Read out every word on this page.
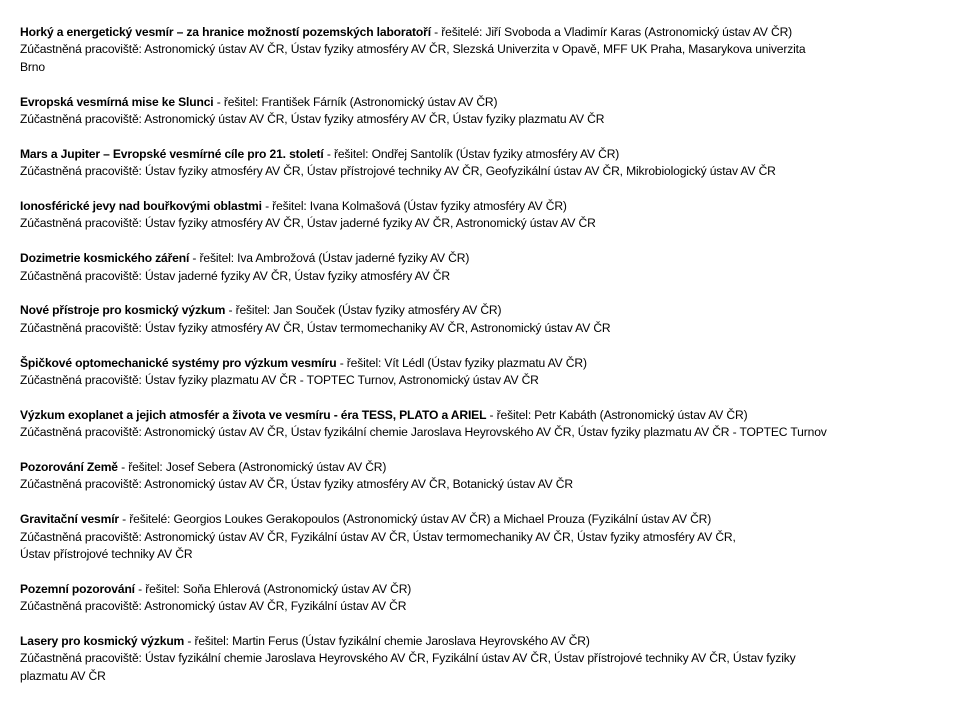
Horký a energetický vesmír – za hranice možností pozemských laboratoří - řešitelé: Jiří Svoboda a Vladimír Karas (Astronomický ústav AV ČR)
Zúčastněná pracoviště: Astronomický ústav AV ČR, Ústav fyziky atmosféry AV ČR, Slezská Univerzita v Opavě, MFF UK Praha, Masarykova univerzita
Brno
Evropská vesmírná mise ke Slunci - řešitel: František Fárník (Astronomický ústav AV ČR)
Zúčastněná pracoviště: Astronomický ústav AV ČR, Ústav fyziky atmosféry AV ČR, Ústav fyziky plazmatu AV ČR
Mars a Jupiter – Evropské vesmírné cíle pro 21. století - řešitel: Ondřej Santolík (Ústav fyziky atmosféry AV ČR)
Zúčastněná pracoviště: Ústav fyziky atmosféry AV ČR, Ústav přístrojové techniky AV ČR, Geofyzikální ústav AV ČR, Mikrobiologický ústav AV ČR
Ionosférické jevy nad bouřkovými oblastmi - řešitel: Ivana Kolmašová (Ústav fyziky atmosféry AV ČR)
Zúčastněná pracoviště: Ústav fyziky atmosféry AV ČR, Ústav jaderné fyziky AV ČR, Astronomický ústav AV ČR
Dozimetrie kosmického záření - řešitel: Iva Ambrožová (Ústav jaderné fyziky AV ČR)
Zúčastněná pracoviště: Ústav jaderné fyziky AV ČR, Ústav fyziky atmosféry AV ČR
Nové přístroje pro kosmický výzkum - řešitel: Jan Souček (Ústav fyziky atmosféry AV ČR)
Zúčastněná pracoviště: Ústav fyziky atmosféry AV ČR, Ústav termomechaniky AV ČR, Astronomický ústav AV ČR
Špičkové optomechanické systémy pro výzkum vesmíru - řešitel: Vít Lédl (Ústav fyziky plazmatu AV ČR)
Zúčastněná pracoviště: Ústav fyziky plazmatu AV ČR - TOPTEC Turnov, Astronomický ústav AV ČR
Výzkum exoplanet a jejich atmosfér a života ve vesmíru - éra TESS, PLATO a ARIEL - řešitel: Petr Kabáth (Astronomický ústav AV ČR)
Zúčastněná pracoviště: Astronomický ústav AV ČR, Ústav fyzikální chemie Jaroslava Heyrovského AV ČR, Ústav fyziky plazmatu AV ČR - TOPTEC Turnov
Pozorování Země - řešitel: Josef Sebera (Astronomický ústav AV ČR)
Zúčastněná pracoviště: Astronomický ústav AV ČR, Ústav fyziky atmosféry AV ČR, Botanický ústav AV ČR
Gravitační vesmír - řešitelé: Georgios Loukes Gerakopoulos (Astronomický ústav AV ČR) a Michael Prouza (Fyzikální ústav AV ČR)
Zúčastněná pracoviště: Astronomický ústav AV ČR, Fyzikální ústav AV ČR, Ústav termomechaniky AV ČR, Ústav fyziky atmosféry AV ČR,
Ústav přístrojové techniky AV ČR
Pozemní pozorování - řešitel: Soňa Ehlerová (Astronomický ústav AV ČR)
Zúčastněná pracoviště: Astronomický ústav AV ČR, Fyzikální ústav AV ČR
Lasery pro kosmický výzkum - řešitel: Martin Ferus (Ústav fyzikální chemie Jaroslava Heyrovského AV ČR)
Zúčastněná pracoviště: Ústav fyzikální chemie Jaroslava Heyrovského AV ČR, Fyzikální ústav AV ČR, Ústav přístrojové techniky AV ČR, Ústav fyziky
plazmatu AV ČR
